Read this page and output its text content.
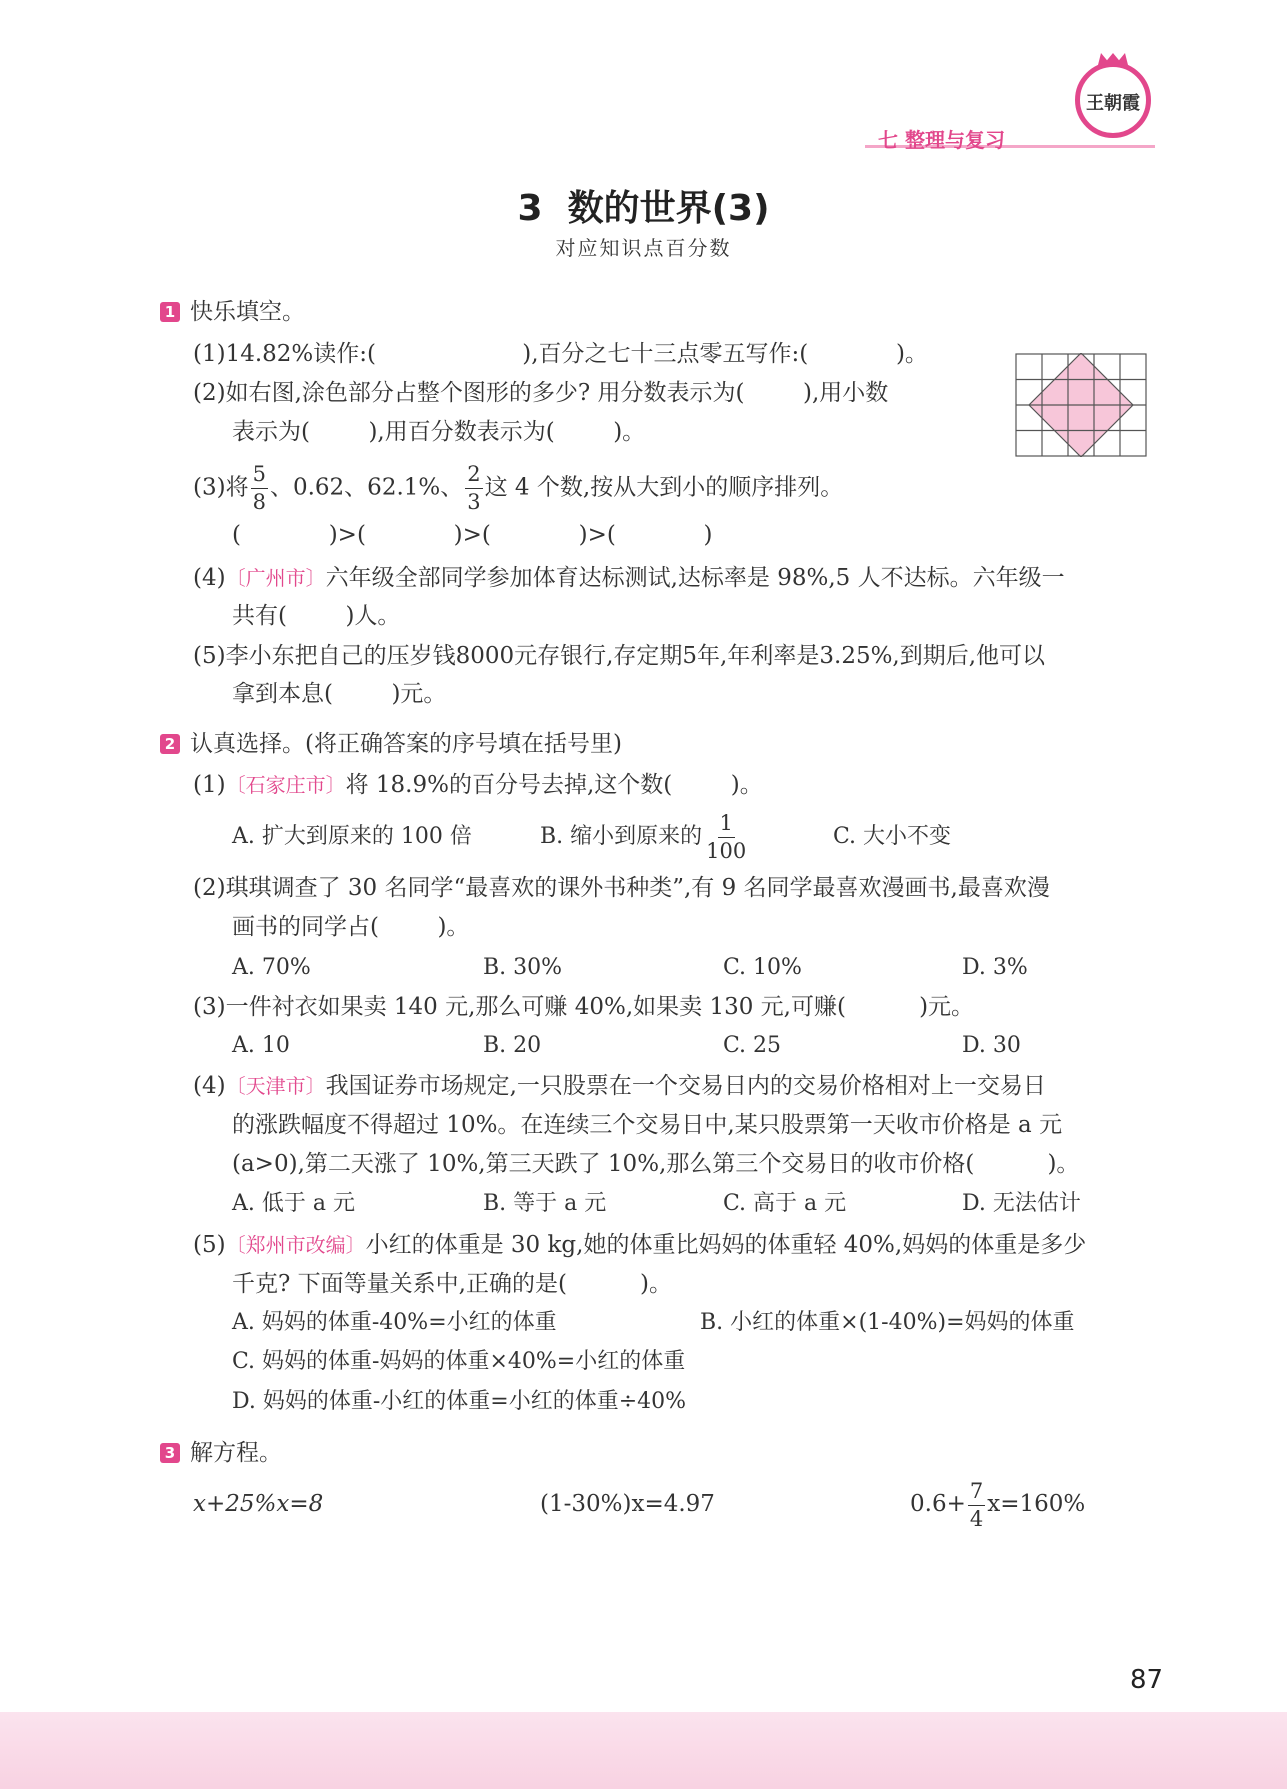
七 整理与复习
王朝霞
3  数的世界(3)
对应知识点百分数
1 快乐填空。
(1)14.82%读作:(                    ),百分之七十三点零五写作:(            )。
(2)如右图,涂色部分占整个图形的多少? 用分数表示为(        ),用小数
表示为(        ),用百分数表示为(        )。
(3)将 $\frac{5}{8}$ 、0.62、62.1%、 $\frac{2}{3}$ 这 4 个数,按从大到小的顺序排列。
(            )>(            )>(            )>(            )
(4)〔广州市〕六年级全部同学参加体育达标测试,达标率是 98%,5 人不达标。六年级一
共有(        )人。
(5)李小东把自己的压岁钱8000元存银行,存定期5年,年利率是3.25%,到期后,他可以
拿到本息(        )元。
2 认真选择。(将正确答案的序号填在括号里)
(1)〔石家庄市〕将 18.9%的百分号去掉,这个数(        )。
A. 扩大到原来的 100 倍	B. 缩小到原来的 $\frac{1}{100}$	C. 大小不变
(2)琪琪调查了 30 名同学“最喜欢的课外书种类”,有 9 名同学最喜欢漫画书,最喜欢漫
画书的同学占(        )。
A. 70%	B. 30%	C. 10%	D. 3%
(3)一件衬衣如果卖 140 元,那么可赚 40%,如果卖 130 元,可赚(          )元。
A. 10	B. 20	C. 25	D. 30
(4)〔天津市〕我国证券市场规定,一只股票在一个交易日内的交易价格相对上一交易日
的涨跌幅度不得超过 10%。在连续三个交易日中,某只股票第一天收市价格是 a 元
(a>0),第二天涨了 10%,第三天跌了 10%,那么第三个交易日的收市价格(          )。
A. 低于 a 元	B. 等于 a 元	C. 高于 a 元	D. 无法估计
(5)〔郑州市改编〕小红的体重是 30 kg,她的体重比妈妈的体重轻 40%,妈妈的体重是多少
千克? 下面等量关系中,正确的是(          )。
A. 妈妈的体重-40%=小红的体重	B. 小红的体重×(1-40%)=妈妈的体重
C. 妈妈的体重-妈妈的体重×40%=小红的体重
D. 妈妈的体重-小红的体重=小红的体重÷40%
3 解方程。
x+25%x=8	(1-30%)x=4.97	$0.6+ \frac{7}{4} x=160\%$
87
